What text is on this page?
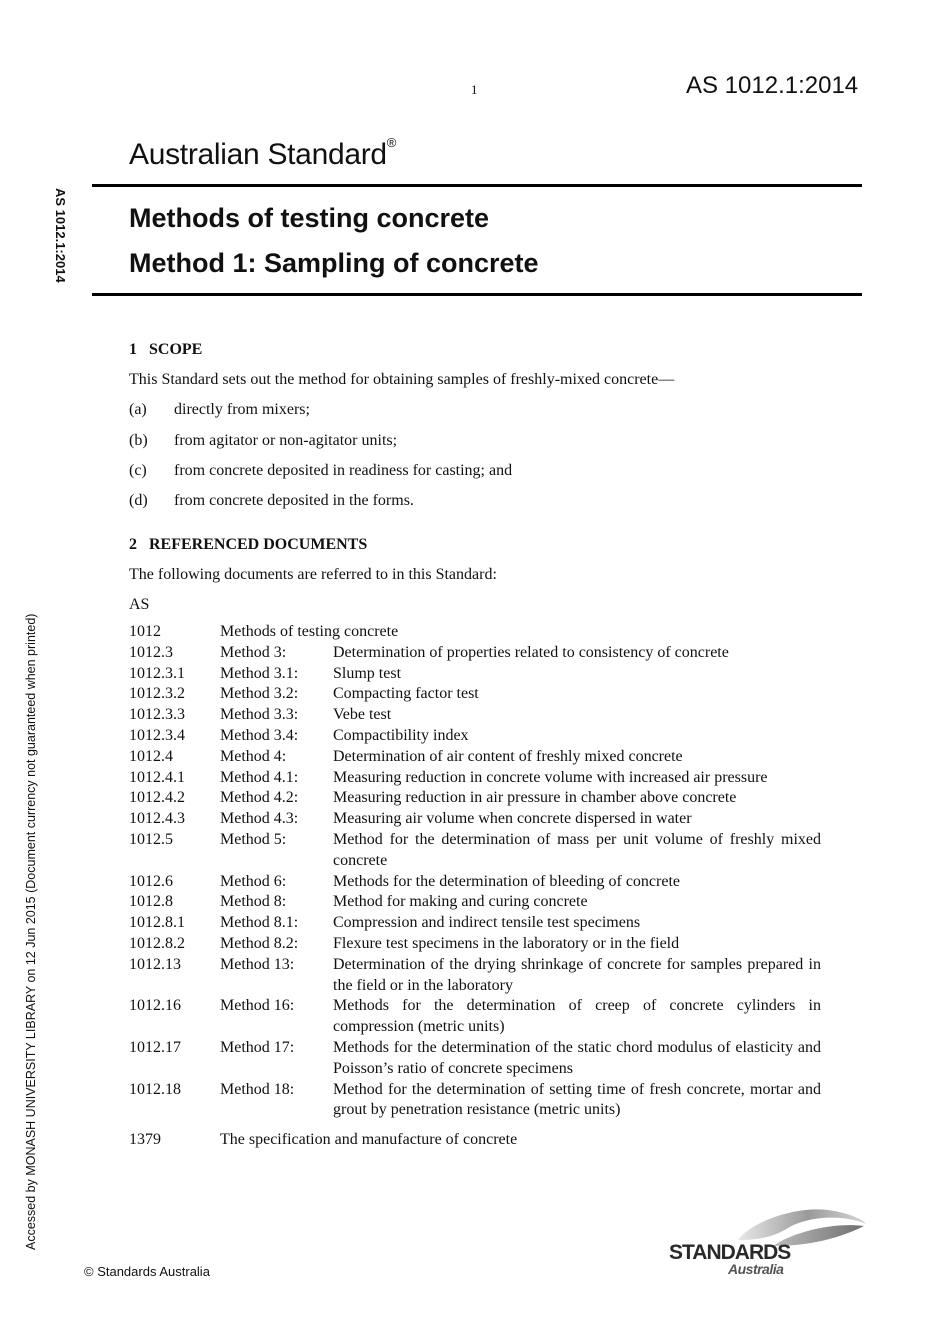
1	AS 1012.1:2014
Australian Standard®
Methods of testing concrete
Method 1: Sampling of concrete
AS 1012.1:2014
Accessed by MONASH UNIVERSITY LIBRARY on 12 Jun 2015 (Document currency not guaranteed when printed)
1 SCOPE
This Standard sets out the method for obtaining samples of freshly-mixed concrete—
(a) directly from mixers;
(b) from agitator or non-agitator units;
(c) from concrete deposited in readiness for casting; and
(d) from concrete deposited in the forms.
2 REFERENCED DOCUMENTS
The following documents are referred to in this Standard:
AS
1012	Methods of testing concrete	
1012.3	Method 3:	Determination of properties related to consistency of concrete
1012.3.1	Method 3.1:	Slump test
1012.3.2	Method 3.2:	Compacting factor test
1012.3.3	Method 3.3:	Vebe test
1012.3.4	Method 3.4:	Compactibility index
1012.4	Method 4:	Determination of air content of freshly mixed concrete
1012.4.1	Method 4.1:	Measuring reduction in concrete volume with increased air pressure
1012.4.2	Method 4.2:	Measuring reduction in air pressure in chamber above concrete
1012.4.3	Method 4.3:	Measuring air volume when concrete dispersed in water
1012.5	Method 5:	Method for the determination of mass per unit volume of freshly mixed concrete
1012.6	Method 6:	Methods for the determination of bleeding of concrete
1012.8	Method 8:	Method for making and curing concrete
1012.8.1	Method 8.1:	Compression and indirect tensile test specimens
1012.8.2	Method 8.2:	Flexure test specimens in the laboratory or in the field
1012.13	Method 13:	Determination of the drying shrinkage of concrete for samples prepared in the field or in the laboratory
1012.16	Method 16:	Methods for the determination of creep of concrete cylinders in compression (metric units)
1012.17	Method 17:	Methods for the determination of the static chord modulus of elasticity and Poisson’s ratio of concrete specimens
1012.18	Method 18:	Method for the determination of setting time of fresh concrete, mortar and grout by penetration resistance (metric units)
1379	The specification and manufacture of concrete	
© Standards Australia
STANDARDS
Australia
